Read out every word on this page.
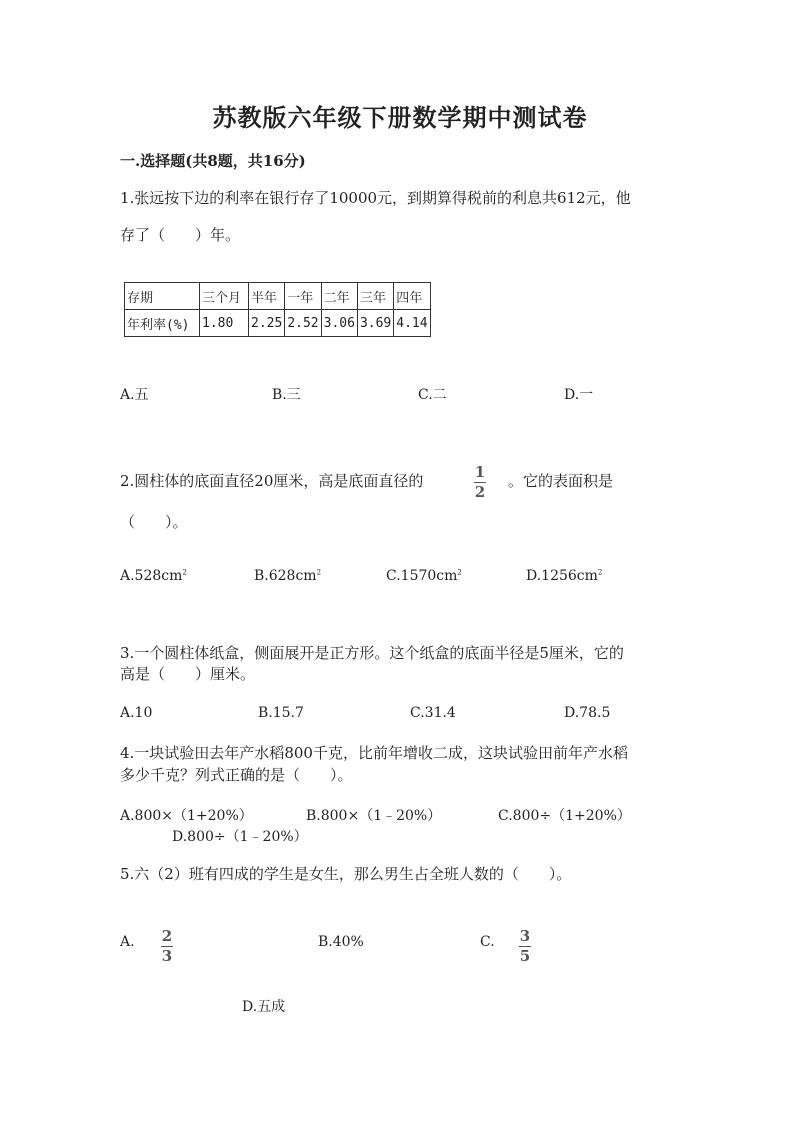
苏教版六年级下册数学期中测试卷
一.选择题(共8题，共16分)
1.张远按下边的利率在银行存了10000元，到期算得税前的利息共612元，他
存了（　　）年。
存期	三个月	半年	一年	二年	三年	四年
年利率(%)	1.80	2.25	2.52	3.06	3.69	4.14
A.五	B.三	C.二	D.一
2.圆柱体的底面直径20厘米，高是底面直径的	1
2
。它的表面积是
（　　）。
$A.528cm^2$	$B.628cm^2$	$C.1570cm^2$	$D.1256cm^2$
3.一个圆柱体纸盒，侧面展开是正方形。这个纸盒的底面半径是5厘米，它的
高是（　　）厘米。
A.10	B.15.7	C.31.4	D.78.5
4.一块试验田去年产水稻800千克，比前年增收二成，这块试验田前年产水稻
多少千克？列式正确的是（　　）。
A.800×（1+20%）	B.800×（1﹣20%）	C.800÷（1+20%）
D.800÷（1﹣20%）
5.六（2）班有四成的学生是女生，那么男生占全班人数的（　　）。
A. 2
3
B.40%	C. 3
5
D.五成
